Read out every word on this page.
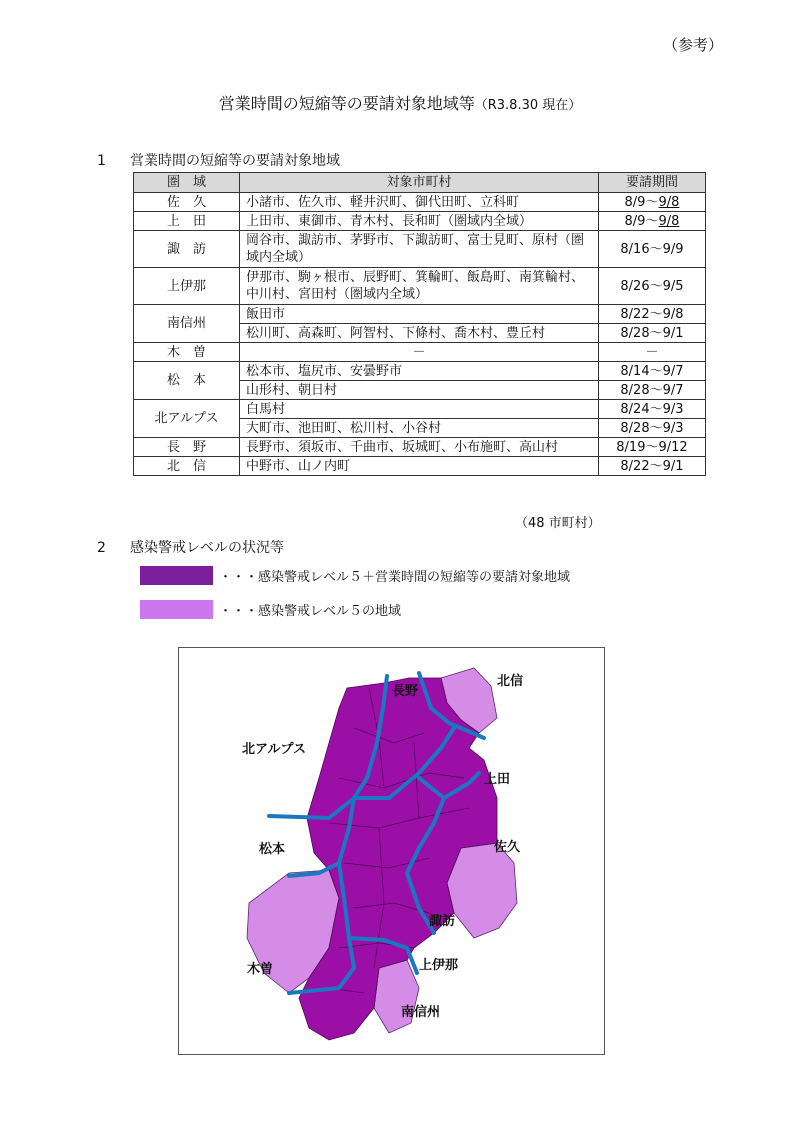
（参考）
営業時間の短縮等の要請対象地域等（R3.8.30 現在）
1 営業時間の短縮等の要請対象地域
圏　域	対象市町村	要請期間
佐　久	小諸市、佐久市、軽井沢町、御代田町、立科町	8/9～9/8
上　田	上田市、東御市、青木村、長和町（圏域内全域）	8/9～9/8
諏　訪	岡谷市、諏訪市、茅野市、下諏訪町、富士見町、原村（圏域内全域）	8/16～9/9
上伊那	伊那市、駒ヶ根市、辰野町、箕輪町、飯島町、南箕輪村、中川村、宮田村（圏域内全域）	8/26～9/5
南信州	飯田市	8/22～9/8
	松川町、高森町、阿智村、下條村、喬木村、豊丘村	8/28～9/1
木　曽	－	－
松　本	松本市、塩尻市、安曇野市	8/14～9/7
	山形村、朝日村	8/28～9/7
北アルプス	白馬村	8/24～9/3
	大町市、池田町、松川村、小谷村	8/28～9/3
長　野	長野市、須坂市、千曲市、坂城町、小布施町、高山村	8/19～9/12
北　信	中野市、山ノ内町	8/22～9/1
（48 市町村）
2 感染警戒レベルの状況等
・・・感染警戒レベル５＋営業時間の短縮等の要請対象地域
・・・感染警戒レベル５の地域
長野
北信
北アルプス
上田
松本	佐久
諏訪
木曽	上伊那
南信州
